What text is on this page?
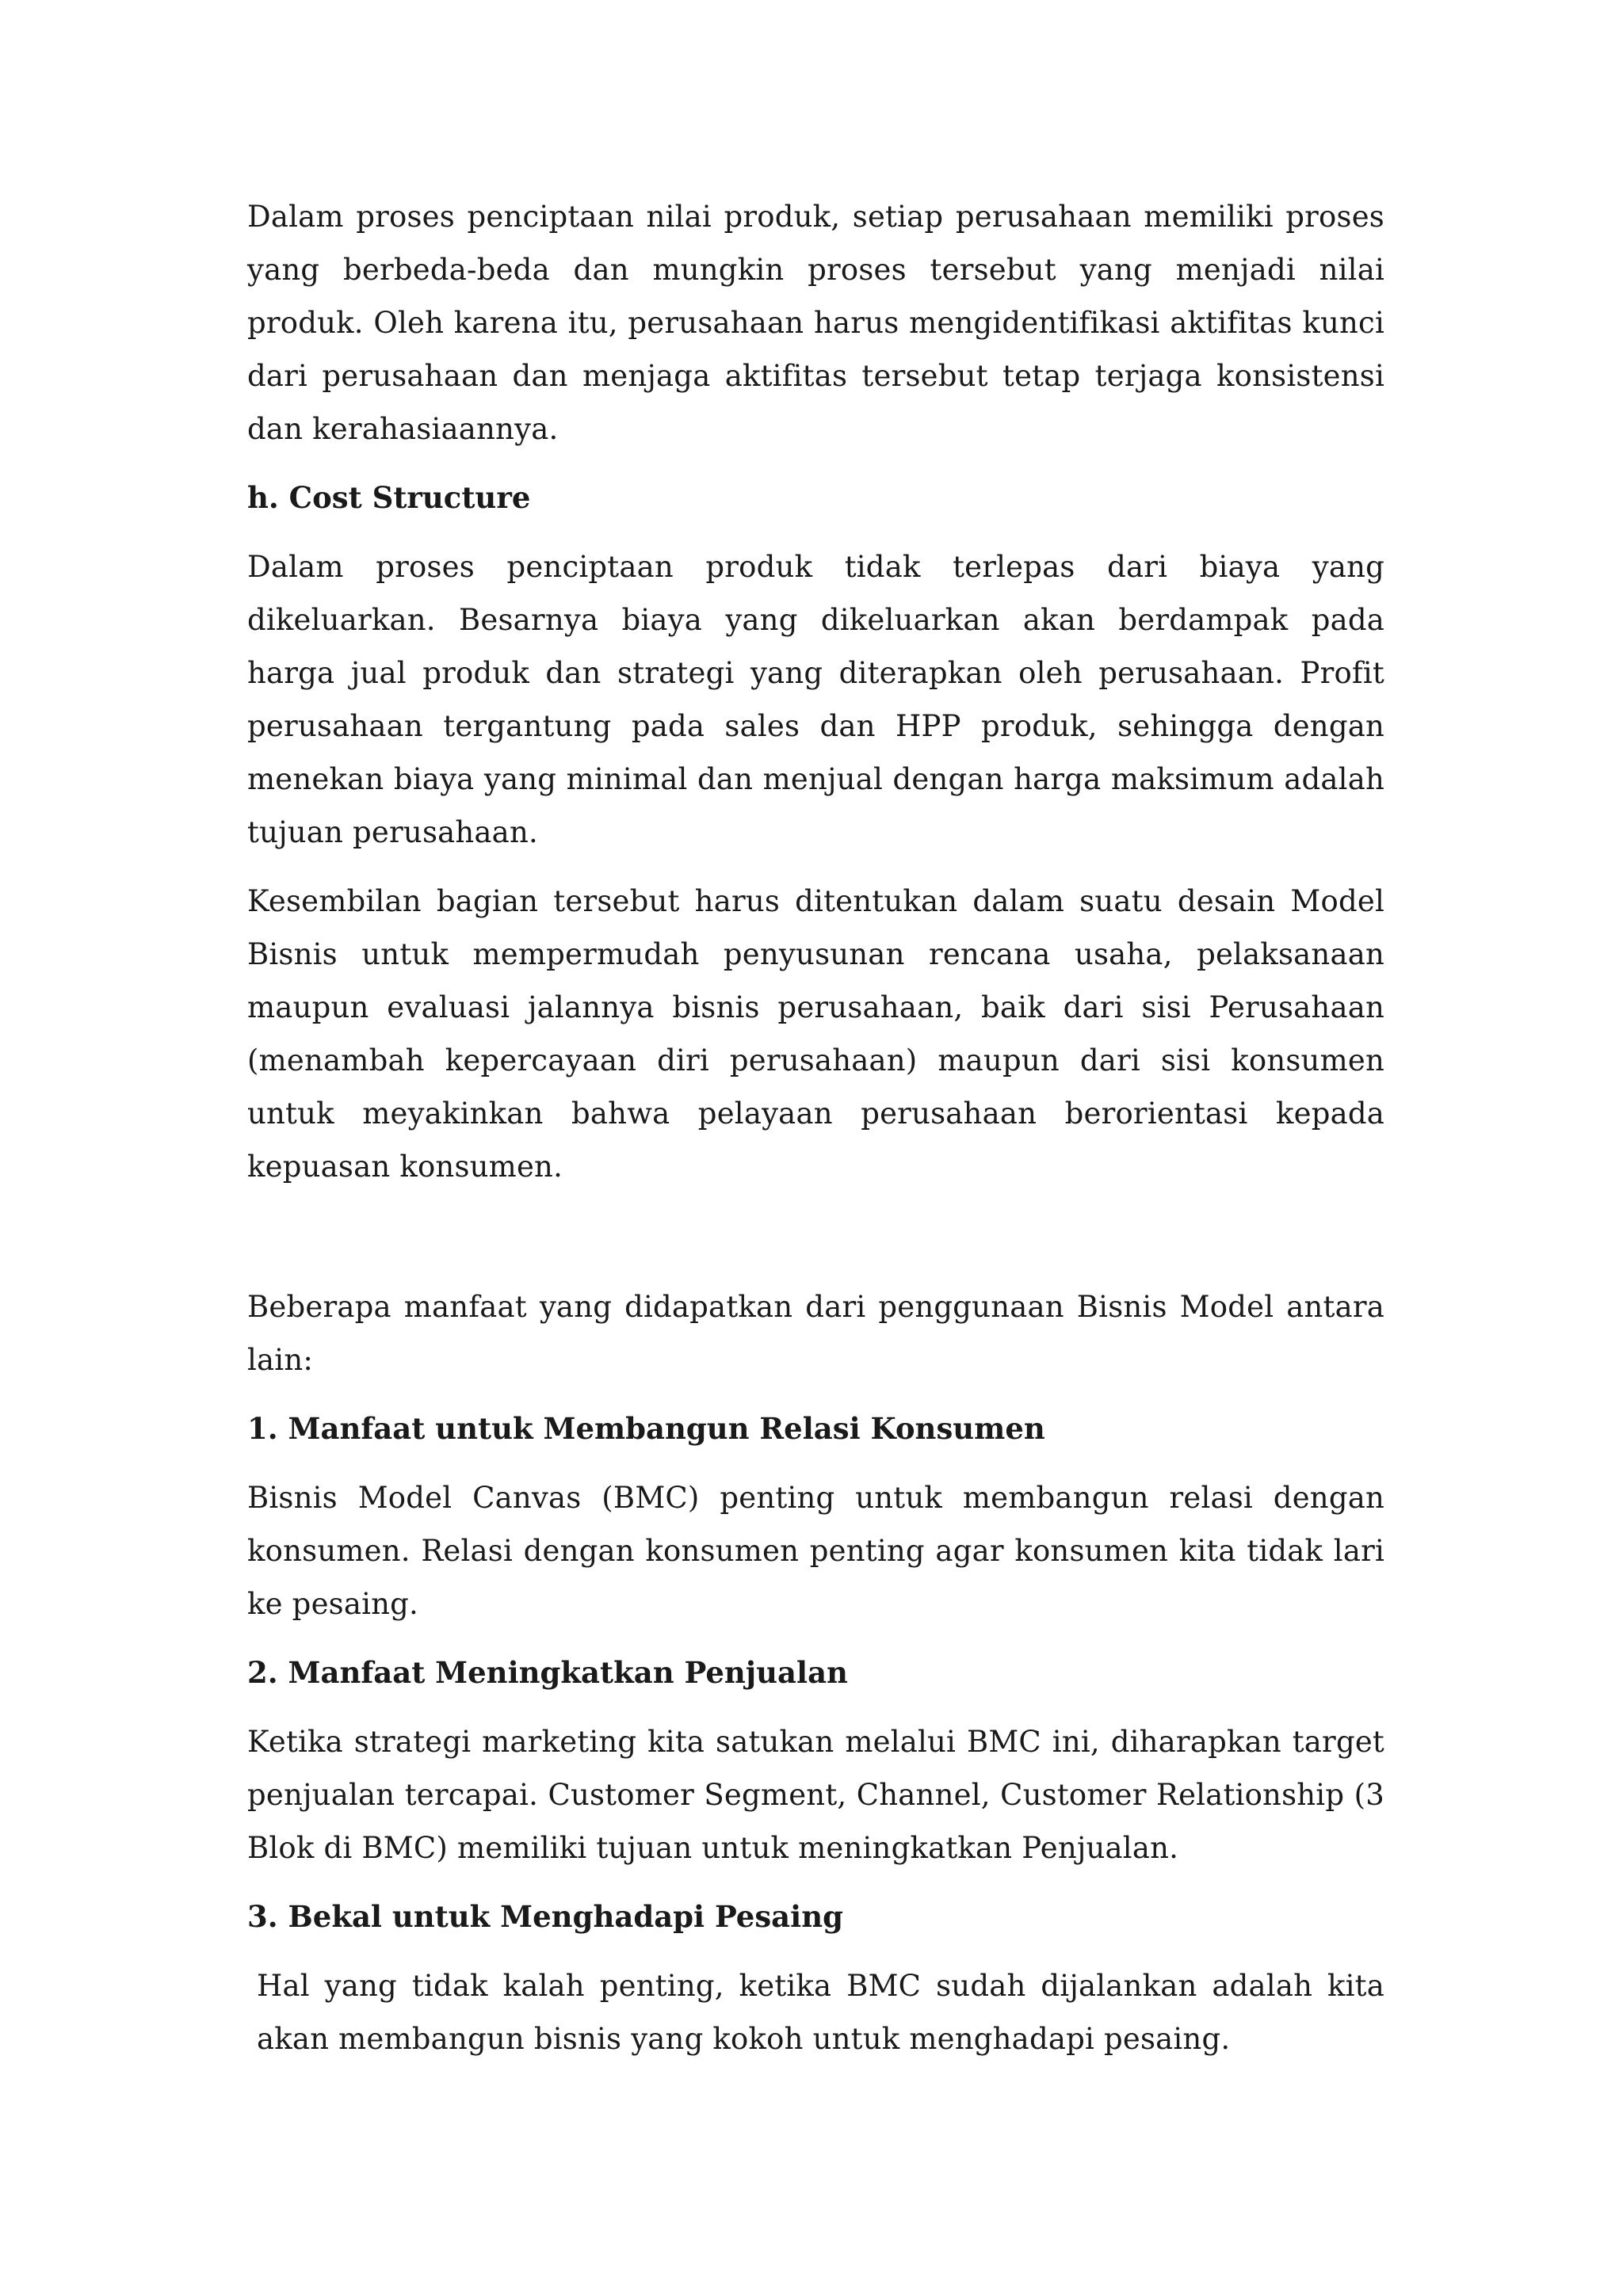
Dalam proses penciptaan nilai produk, setiap perusahaan memiliki proses yang berbeda-beda dan mungkin proses tersebut yang menjadi nilai produk. Oleh karena itu, perusahaan harus mengidentifikasi aktifitas kunci dari perusahaan dan menjaga aktifitas tersebut tetap terjaga konsistensi dan kerahasiaannya.

h. Cost Structure

Dalam proses penciptaan produk tidak terlepas dari biaya yang dikeluarkan. Besarnya biaya yang dikeluarkan akan berdampak pada harga jual produk dan strategi yang diterapkan oleh perusahaan. Profit perusahaan tergantung pada sales dan HPP produk, sehingga dengan menekan biaya yang minimal dan menjual dengan harga maksimum adalah tujuan perusahaan.

Kesembilan bagian tersebut harus ditentukan dalam suatu desain Model Bisnis untuk mempermudah penyusunan rencana usaha, pelaksanaan maupun evaluasi jalannya bisnis perusahaan, baik dari sisi Perusahaan (menambah kepercayaan diri perusahaan) maupun dari sisi konsumen untuk meyakinkan bahwa pelayaan perusahaan berorientasi kepada kepuasan konsumen.

Beberapa manfaat yang didapatkan dari penggunaan Bisnis Model antara lain:

1. Manfaat untuk Membangun Relasi Konsumen

Bisnis Model Canvas (BMC) penting untuk membangun relasi dengan konsumen. Relasi dengan konsumen penting agar konsumen kita tidak lari ke pesaing.

2. Manfaat Meningkatkan Penjualan

Ketika strategi marketing kita satukan melalui BMC ini, diharapkan target penjualan tercapai. Customer Segment, Channel, Customer Relationship (3 Blok di BMC) memiliki tujuan untuk meningkatkan Penjualan.

3. Bekal untuk Menghadapi Pesaing

Hal yang tidak kalah penting, ketika BMC sudah dijalankan adalah kita akan membangun bisnis yang kokoh untuk menghadapi pesaing.
